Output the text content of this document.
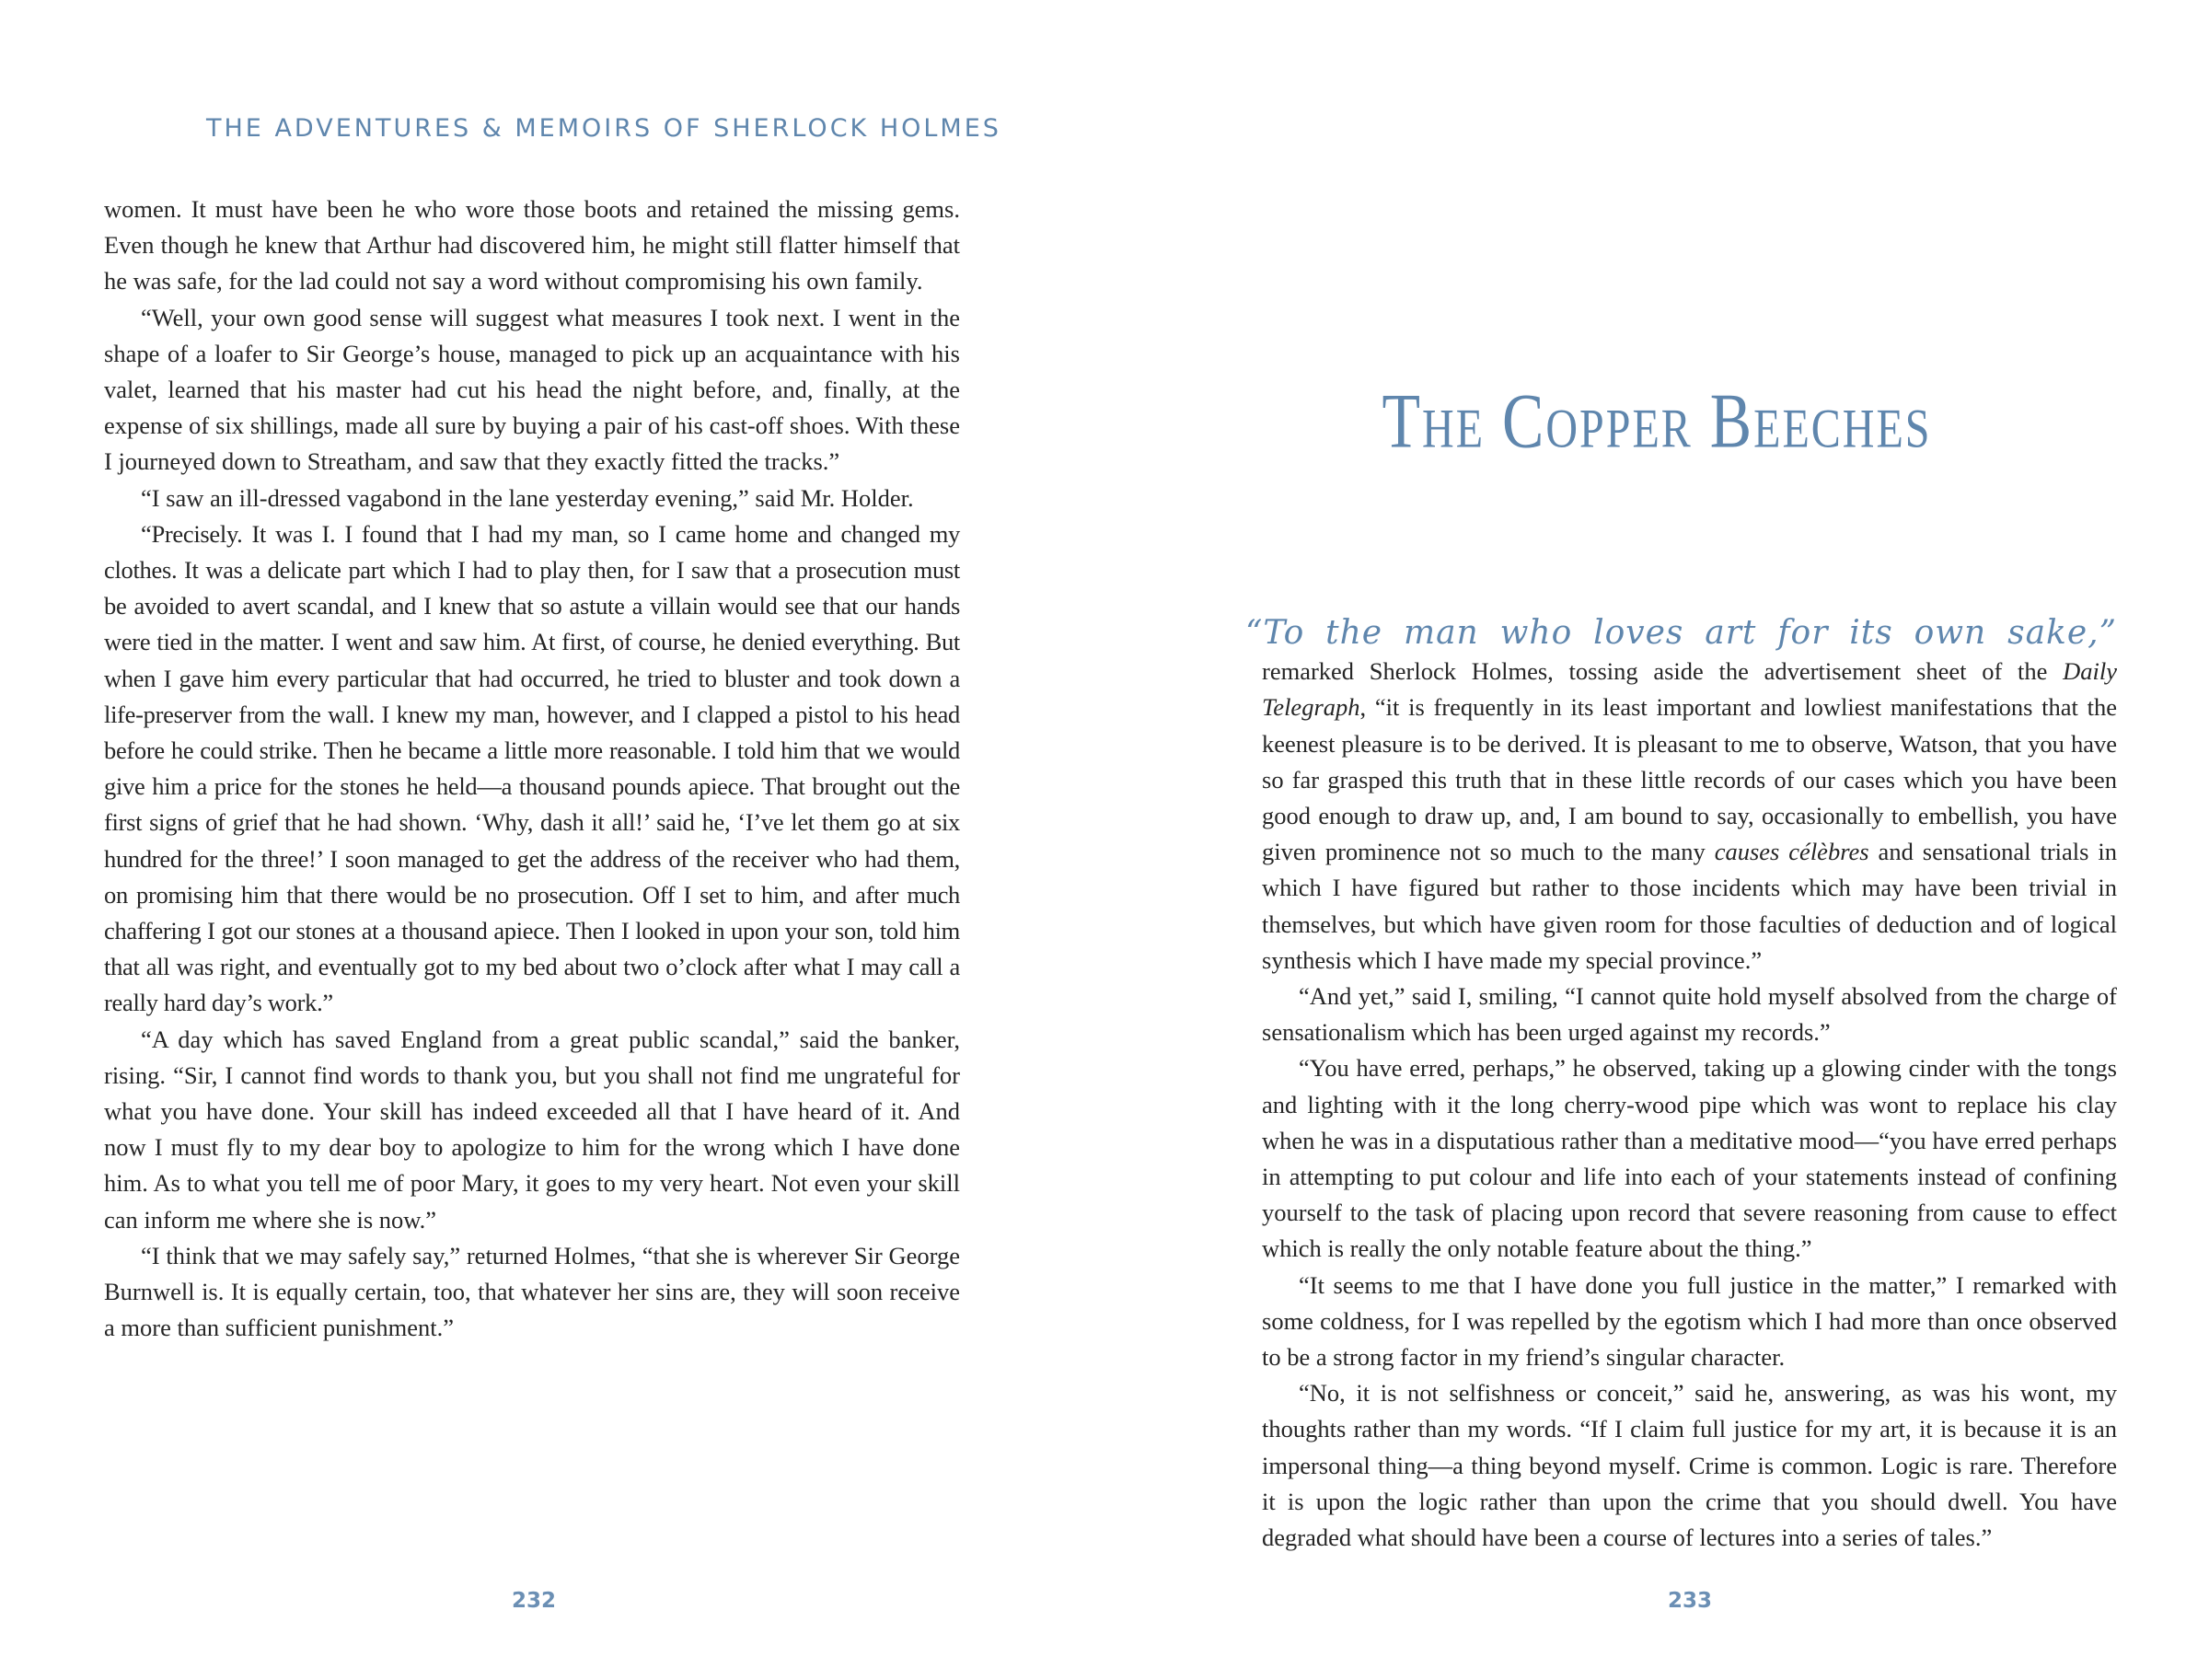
THE ADVENTURES & MEMOIRS OF SHERLOCK HOLMES

women. It must have been he who wore those boots and retained the missing gems. Even though he knew that Arthur had discovered him, he might still flatter himself that he was safe, for the lad could not say a word without compromising his own family.

“Well, your own good sense will suggest what measures I took next. I went in the shape of a loafer to Sir George’s house, managed to pick up an acquaintance with his valet, learned that his master had cut his head the night before, and, finally, at the expense of six shillings, made all sure by buying a pair of his cast-off shoes. With these I journeyed down to Streatham, and saw that they exactly fitted the tracks.”

“I saw an ill-dressed vagabond in the lane yesterday evening,” said Mr. Holder.

“Precisely. It was I. I found that I had my man, so I came home and changed my clothes. It was a delicate part which I had to play then, for I saw that a prosecution must be avoided to avert scandal, and I knew that so astute a villain would see that our hands were tied in the matter. I went and saw him. At first, of course, he denied everything. But when I gave him every particular that had occurred, he tried to bluster and took down a life-preserver from the wall. I knew my man, however, and I clapped a pistol to his head before he could strike. Then he became a little more reasonable. I told him that we would give him a price for the stones he held—a thousand pounds apiece. That brought out the first signs of grief that he had shown. ‘Why, dash it all!’ said he, ‘I’ve let them go at six hundred for the three!’ I soon managed to get the address of the receiver who had them, on promising him that there would be no prosecution. Off I set to him, and after much chaffering I got our stones at a thousand apiece. Then I looked in upon your son, told him that all was right, and eventually got to my bed about two o’clock after what I may call a really hard day’s work.”

“A day which has saved England from a great public scandal,” said the banker, rising. “Sir, I cannot find words to thank you, but you shall not find me ungrateful for what you have done. Your skill has indeed exceeded all that I have heard of it. And now I must fly to my dear boy to apologize to him for the wrong which I have done him. As to what you tell me of poor Mary, it goes to my very heart. Not even your skill can inform me where she is now.”

“I think that we may safely say,” returned Holmes, “that she is wherever Sir George Burnwell is. It is equally certain, too, that whatever her sins are, they will soon receive a more than sufficient punishment.”

232
The Copper Beeches

“To the man who loves art for its own sake,” remarked Sherlock Holmes, tossing aside the advertisement sheet of the Daily Telegraph, “it is frequently in its least important and lowliest manifestations that the keenest pleasure is to be derived. It is pleasant to me to observe, Watson, that you have so far grasped this truth that in these little records of our cases which you have been good enough to draw up, and, I am bound to say, occasionally to embellish, you have given prominence not so much to the many causes célèbres and sensational trials in which I have figured but rather to those incidents which may have been trivial in themselves, but which have given room for those faculties of deduction and of logical synthesis which I have made my special province.”

“And yet,” said I, smiling, “I cannot quite hold myself absolved from the charge of sensationalism which has been urged against my records.”

“You have erred, perhaps,” he observed, taking up a glowing cinder with the tongs and lighting with it the long cherry-wood pipe which was wont to replace his clay when he was in a disputatious rather than a meditative mood—“you have erred perhaps in attempting to put colour and life into each of your statements instead of confining yourself to the task of placing upon record that severe reasoning from cause to effect which is really the only notable feature about the thing.”

“It seems to me that I have done you full justice in the matter,” I remarked with some coldness, for I was repelled by the egotism which I had more than once observed to be a strong factor in my friend’s singular character.

“No, it is not selfishness or conceit,” said he, answering, as was his wont, my thoughts rather than my words. “If I claim full justice for my art, it is because it is an impersonal thing—a thing beyond myself. Crime is common. Logic is rare. Therefore it is upon the logic rather than upon the crime that you should dwell. You have degraded what should have been a course of lectures into a series of tales.”

233
